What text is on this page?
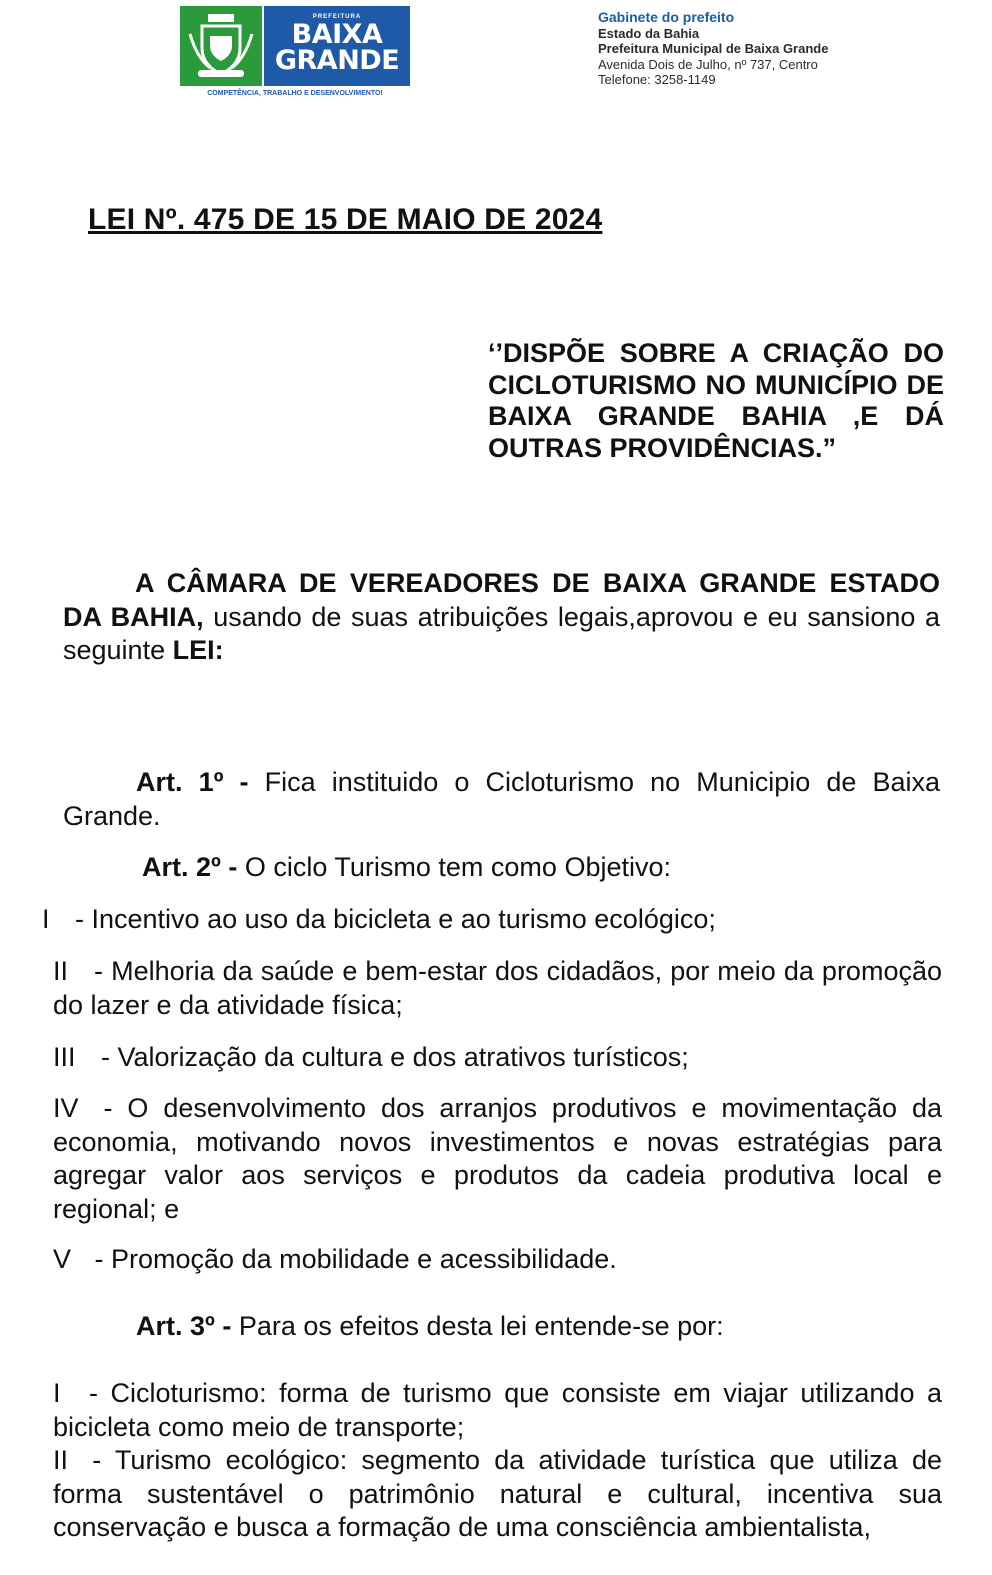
PREFEITURA
BAIXA
GRANDE
COMPETÊNCIA, TRABALHO E DESENVOLVIMENTO!
Gabinete do prefeito
Estado da Bahia
Prefeitura Municipal de Baixa Grande
Avenida Dois de Julho, nº 737, Centro
Telefone: 3258-1149
LEI Nº. 475 DE 15 DE MAIO DE 2024
‘’DISPÕE SOBRE A CRIAÇÃO DO CICLOTURISMO NO MUNICÍPIO DE BAIXA GRANDE BAHIA ,E DÁ OUTRAS PROVIDÊNCIAS.”
A CÂMARA DE VEREADORES DE BAIXA GRANDE ESTADO DA BAHIA, usando de suas atribuições legais,aprovou e eu sansiono a seguinte LEI:
Art. 1º - Fica instituido o Cicloturismo no Municipio de Baixa Grande.
Art. 2º - O ciclo Turismo tem como Objetivo:
I - Incentivo ao uso da bicicleta e ao turismo ecológico;
II - Melhoria da saúde e bem-estar dos cidadãos, por meio da promoção do lazer e da atividade física;
III - Valorização da cultura e dos atrativos turísticos;
IV - O desenvolvimento dos arranjos produtivos e movimentação da economia, motivando novos investimentos e novas estratégias para agregar valor aos serviços e produtos da cadeia produtiva local e regional; e
V - Promoção da mobilidade e acessibilidade.
Art. 3º - Para os efeitos desta lei entende-se por:
I - Cicloturismo: forma de turismo que consiste em viajar utilizando a bicicleta como meio de transporte;
II - Turismo ecológico: segmento da atividade turística que utiliza de forma sustentável o patrimônio natural e cultural, incentiva sua conservação e busca a formação de uma consciência ambientalista,
